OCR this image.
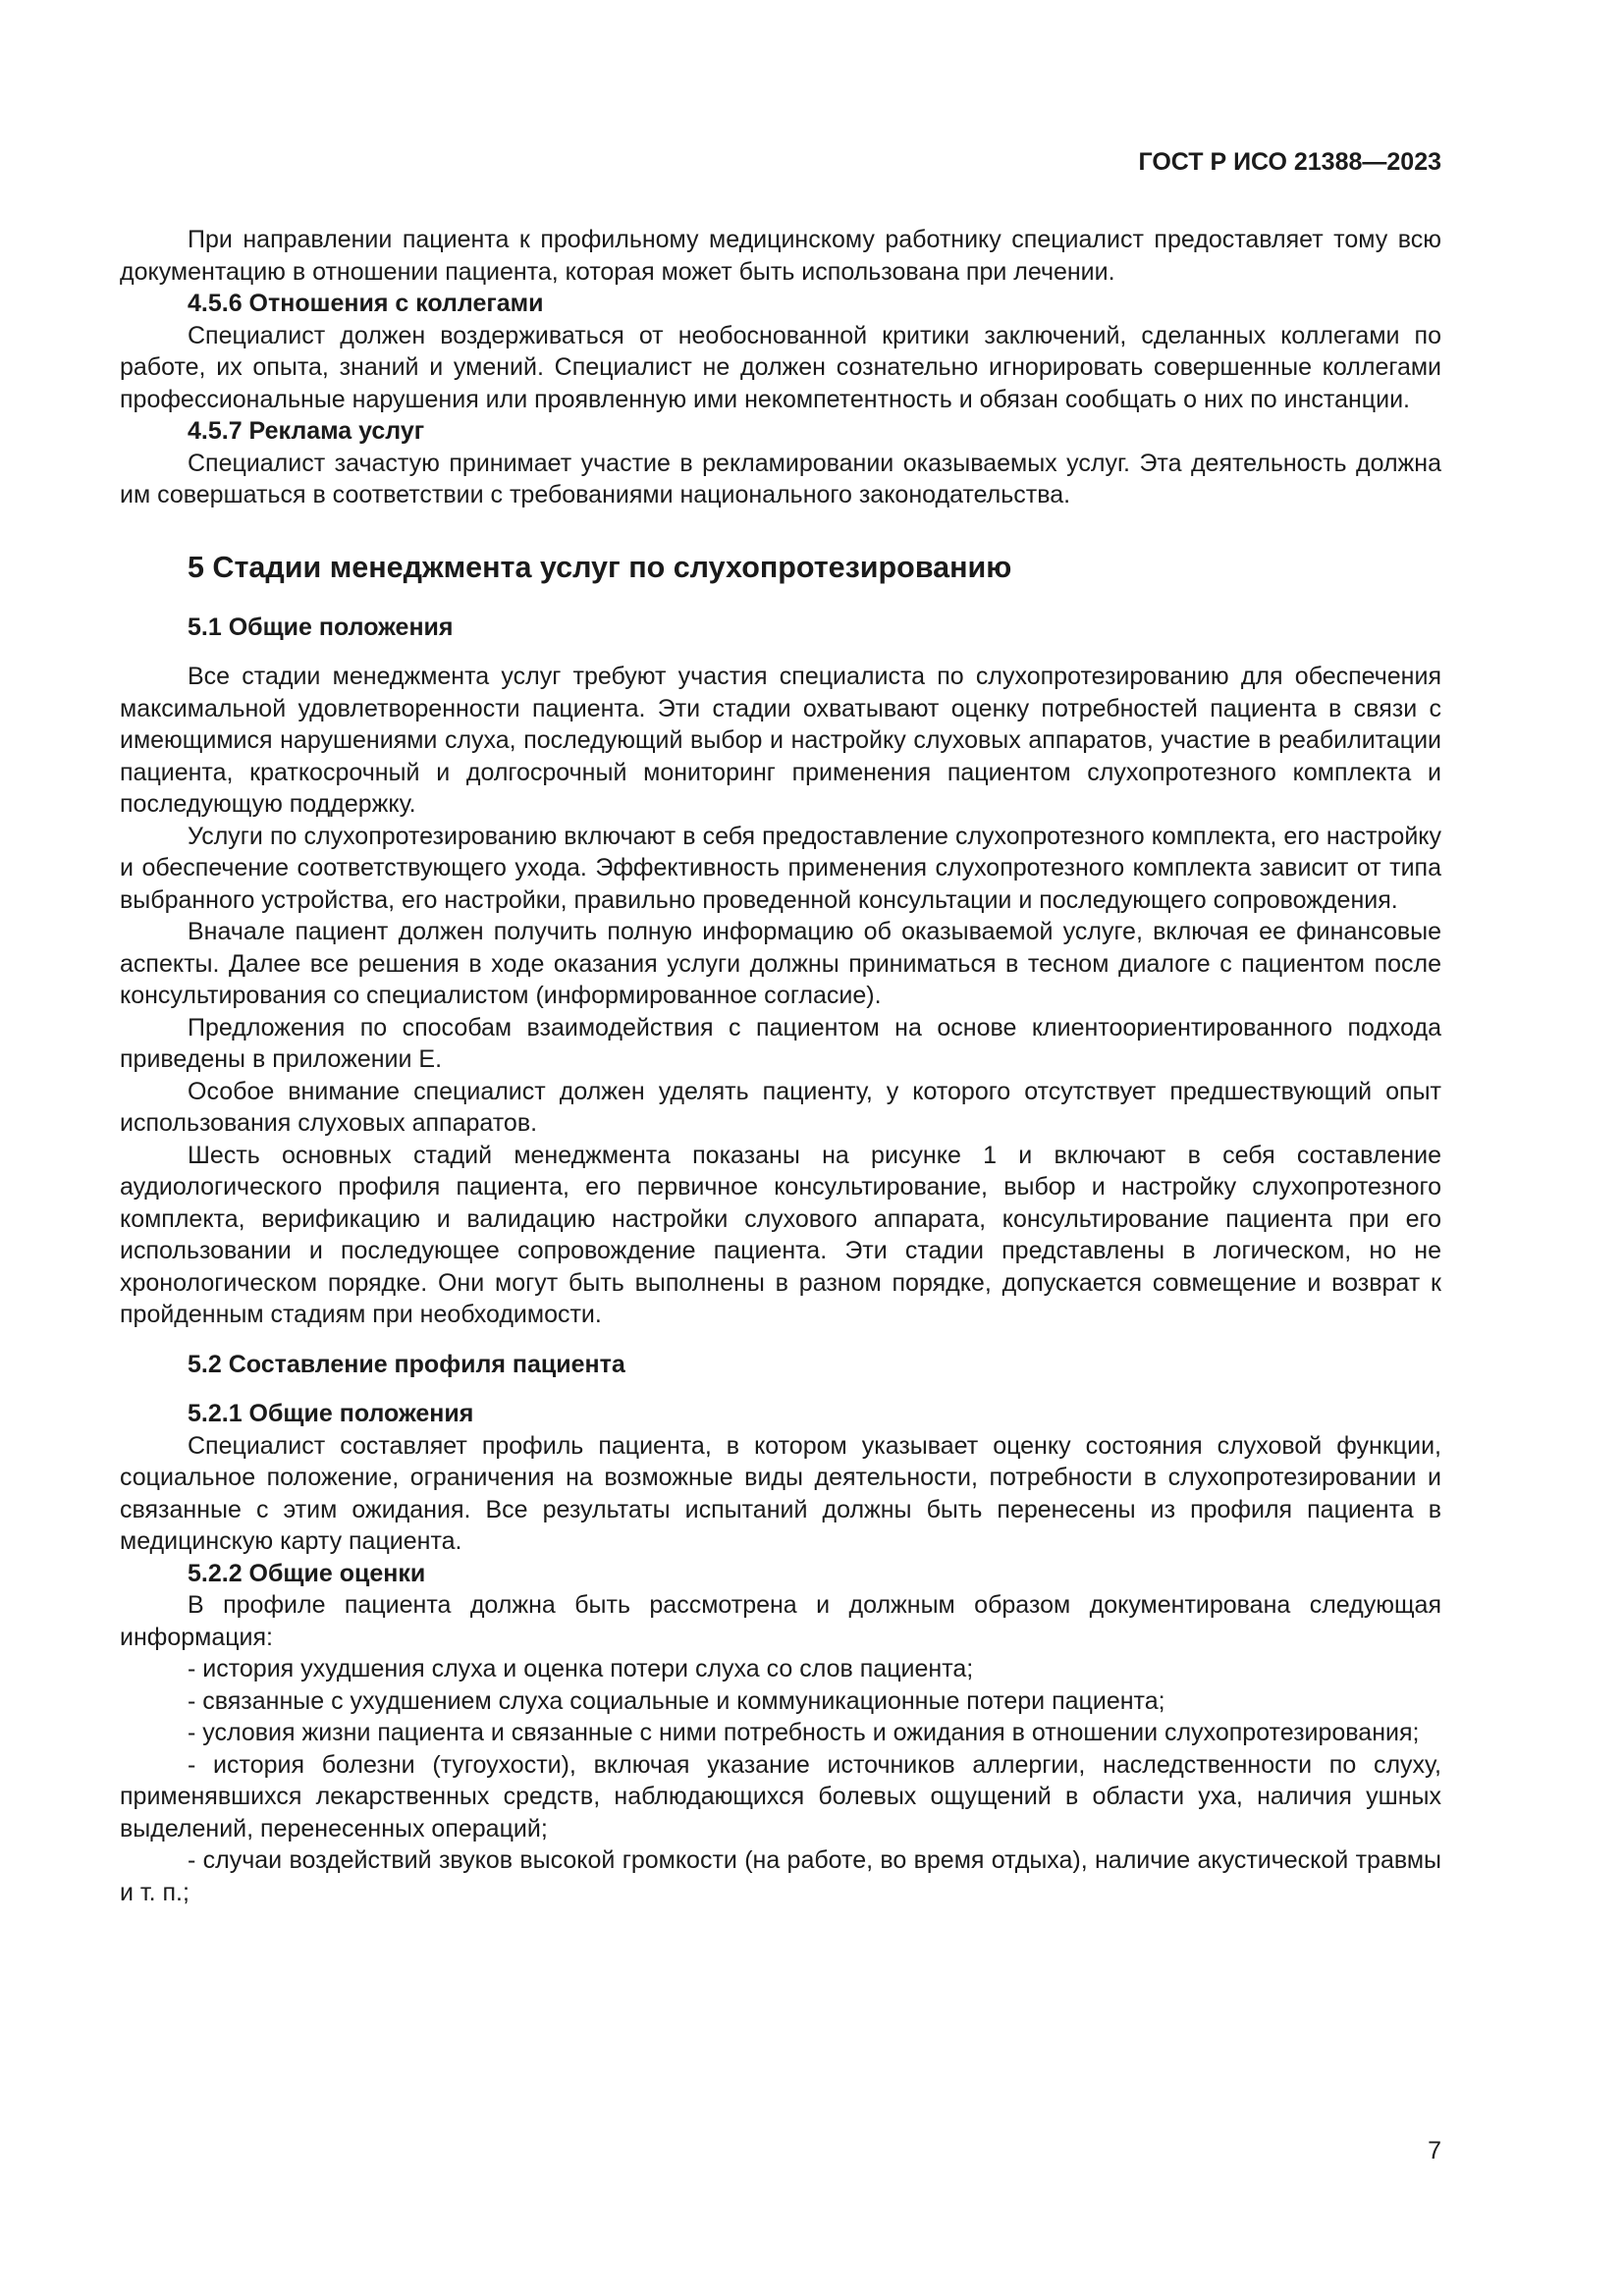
ГОСТ Р ИСО 21388—2023

При направлении пациента к профильному медицинскому работнику специалист предоставляет тому всю документацию в отношении пациента, которая может быть использована при лечении.

4.5.6 Отношения с коллегами

Специалист должен воздерживаться от необоснованной критики заключений, сделанных коллегами по работе, их опыта, знаний и умений. Специалист не должен сознательно игнорировать совершенные коллегами профессиональные нарушения или проявленную ими некомпетентность и обязан сообщать о них по инстанции.

4.5.7 Реклама услуг

Специалист зачастую принимает участие в рекламировании оказываемых услуг. Эта деятельность должна им совершаться в соответствии с требованиями национального законодательства.

5 Стадии менеджмента услуг по слухопротезированию
5.1 Общие положения

Все стадии менеджмента услуг требуют участия специалиста по слухопротезированию для обеспечения максимальной удовлетворенности пациента. Эти стадии охватывают оценку потребностей пациента в связи с имеющимися нарушениями слуха, последующий выбор и настройку слуховых аппаратов, участие в реабилитации пациента, краткосрочный и долгосрочный мониторинг применения пациентом слухопротезного комплекта и последующую поддержку.

Услуги по слухопротезированию включают в себя предоставление слухопротезного комплекта, его настройку и обеспечение соответствующего ухода. Эффективность применения слухопротезного комплекта зависит от типа выбранного устройства, его настройки, правильно проведенной консультации и последующего сопровождения.

Вначале пациент должен получить полную информацию об оказываемой услуге, включая ее финансовые аспекты. Далее все решения в ходе оказания услуги должны приниматься в тесном диалоге с пациентом после консультирования со специалистом (информированное согласие).

Предложения по способам взаимодействия с пациентом на основе клиентоориентированного подхода приведены в приложении Е.

Особое внимание специалист должен уделять пациенту, у которого отсутствует предшествующий опыт использования слуховых аппаратов.

Шесть основных стадий менеджмента показаны на рисунке 1 и включают в себя составление аудиологического профиля пациента, его первичное консультирование, выбор и настройку слухопротезного комплекта, верификацию и валидацию настройки слухового аппарата, консультирование пациента при его использовании и последующее сопровождение пациента. Эти стадии представлены в логическом, но не хронологическом порядке. Они могут быть выполнены в разном порядке, допускается совмещение и возврат к пройденным стадиям при необходимости.

5.2 Составление профиля пациента
5.2.1 Общие положения

Специалист составляет профиль пациента, в котором указывает оценку состояния слуховой функции, социальное положение, ограничения на возможные виды деятельности, потребности в слухопротезировании и связанные с этим ожидания. Все результаты испытаний должны быть перенесены из профиля пациента в медицинскую карту пациента.

5.2.2 Общие оценки

В профиле пациента должна быть рассмотрена и должным образом документирована следующая информация:

- история ухудшения слуха и оценка потери слуха со слов пациента;

- связанные с ухудшением слуха социальные и коммуникационные потери пациента;

- условия жизни пациента и связанные с ними потребность и ожидания в отношении слухопротезирования;

- история болезни (тугоухости), включая указание источников аллергии, наследственности по слуху, применявшихся лекарственных средств, наблюдающихся болевых ощущений в области уха, наличия ушных выделений, перенесенных операций;

- случаи воздействий звуков высокой громкости (на работе, во время отдыха), наличие акустической травмы и т. п.;

7
